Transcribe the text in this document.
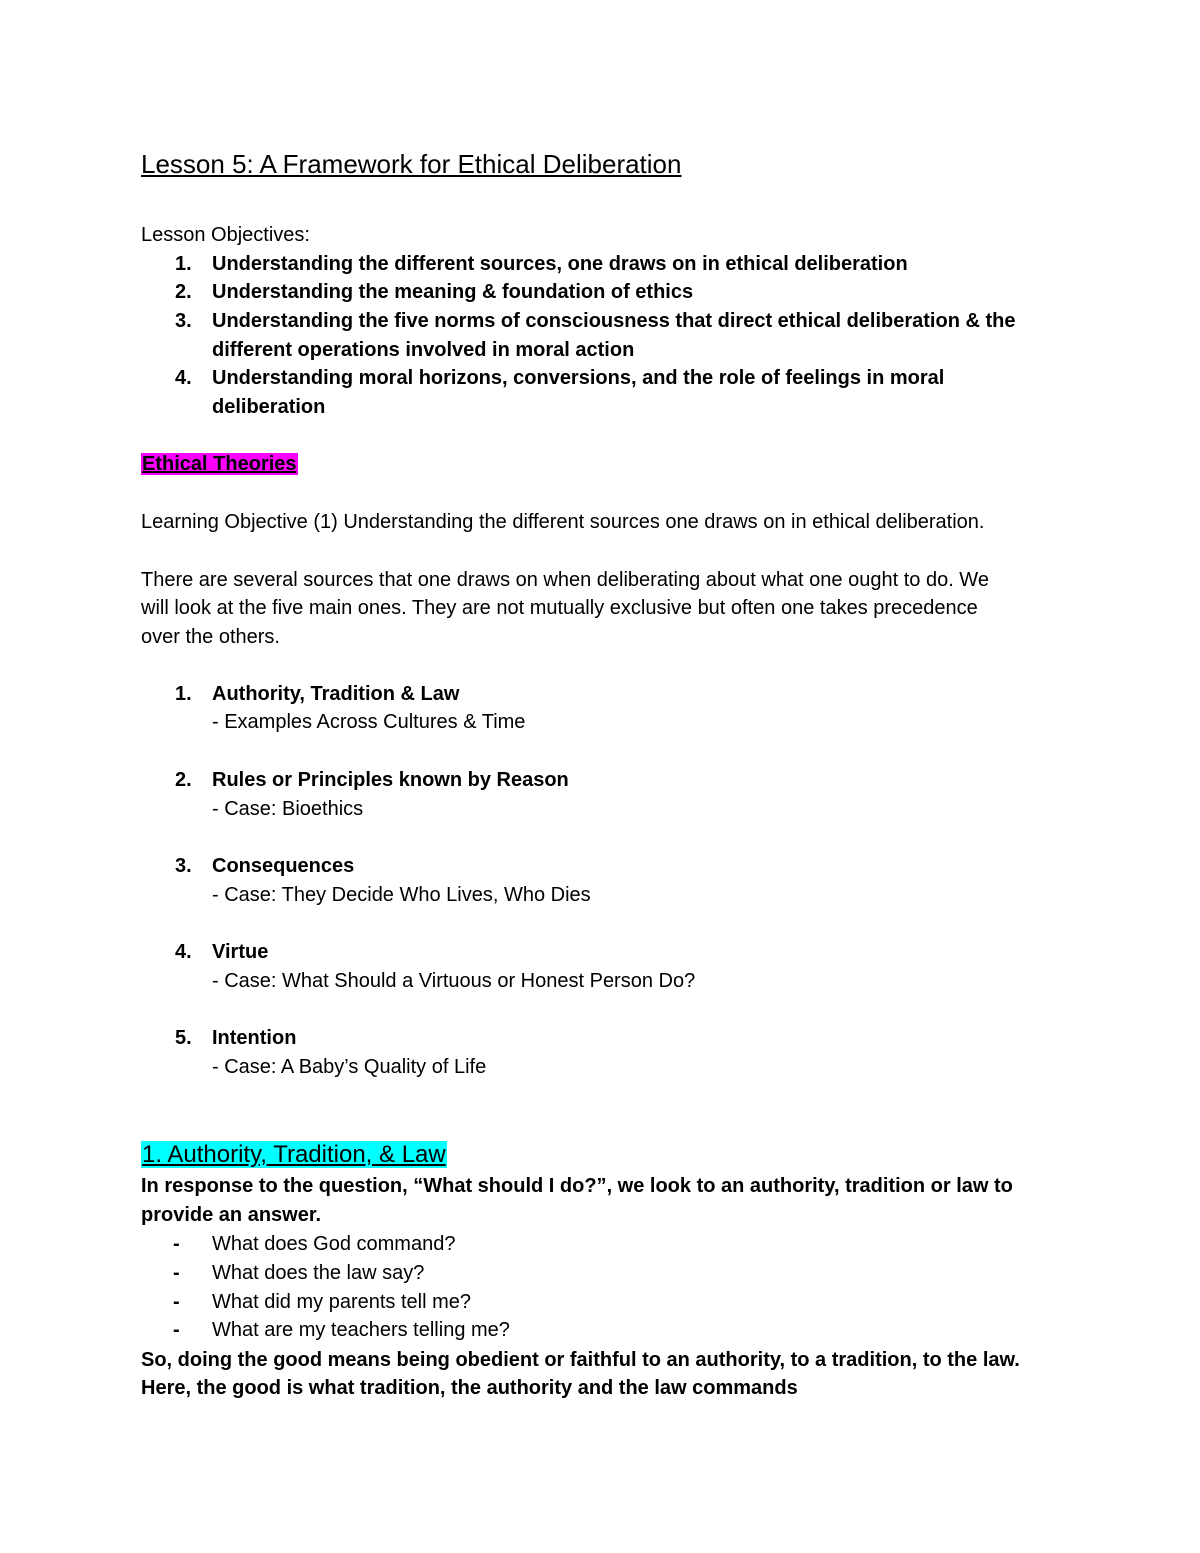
Lesson 5: A Framework for Ethical Deliberation
Lesson Objectives:
1.	Understanding the different sources, one draws on in ethical deliberation
2.	Understanding the meaning & foundation of ethics
3.	Understanding the five norms of consciousness that direct ethical deliberation & the
different operations involved in moral action
4.	Understanding moral horizons, conversions, and the role of feelings in moral
deliberation
Ethical Theories
Learning Objective (1) Understanding the different sources one draws on in ethical deliberation.
There are several sources that one draws on when deliberating about what one ought to do. We
will look at the five main ones. They are not mutually exclusive but often one takes precedence
over the others.
1.	Authority, Tradition & Law
- Examples Across Cultures & Time
2.	Rules or Principles known by Reason
- Case: Bioethics
3.	Consequences
- Case: They Decide Who Lives, Who Dies
4.	Virtue
- Case: What Should a Virtuous or Honest Person Do?
5.	Intention
- Case: A Baby’s Quality of Life
1. Authority, Tradition, & Law
In response to the question, “What should I do?”, we look to an authority, tradition or law to
provide an answer.
- What does God command?
- What does the law say?
- What did my parents tell me?
- What are my teachers telling me?
So, doing the good means being obedient or faithful to an authority, to a tradition, to the law.
Here, the good is what tradition, the authority and the law commands
